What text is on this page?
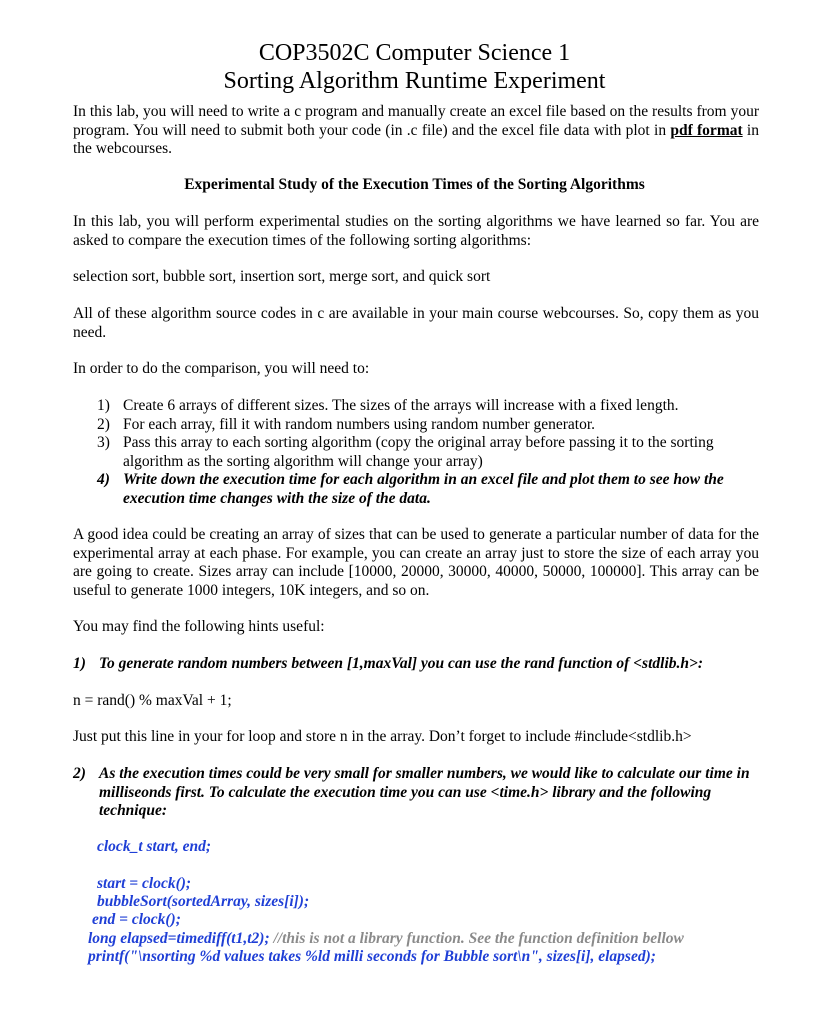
COP3502C Computer Science 1
Sorting Algorithm Runtime Experiment
In this lab, you will need to write a c program and manually create an excel file based on the results from your program. You will need to submit both your code (in .c file) and the excel file data with plot in pdf format in the webcourses.
Experimental Study of the Execution Times of the Sorting Algorithms
In this lab, you will perform experimental studies on the sorting algorithms we have learned so far. You are asked to compare the execution times of the following sorting algorithms:
selection sort, bubble sort, insertion sort, merge sort, and quick sort
All of these algorithm source codes in c are available in your main course webcourses. So, copy them as you need.
In order to do the comparison, you will need to:
1) Create 6 arrays of different sizes. The sizes of the arrays will increase with a fixed length.
2) For each array, fill it with random numbers using random number generator.
3) Pass this array to each sorting algorithm (copy the original array before passing it to the sorting algorithm as the sorting algorithm will change your array)
4) Write down the execution time for each algorithm in an excel file and plot them to see how the execution time changes with the size of the data.
A good idea could be creating an array of sizes that can be used to generate a particular number of data for the experimental array at each phase. For example, you can create an array just to store the size of each array you are going to create. Sizes array can include [10000, 20000, 30000, 40000, 50000, 100000]. This array can be useful to generate 1000 integers, 10K integers, and so on.
You may find the following hints useful:
1) To generate random numbers between [1,maxVal] you can use the rand function of <stdlib.h>:
n = rand() % maxVal + 1;
Just put this line in your for loop and store n in the array. Don’t forget to include #include<stdlib.h>
2) As the execution times could be very small for smaller numbers, we would like to calculate our time in milliseonds first. To calculate the execution time you can use <time.h> library and the following technique:
clock_t start, end;
start = clock();
bubbleSort(sortedArray, sizes[i]);
end = clock();
long elapsed=timediff(t1,t2); //this is not a library function. See the function definition bellow
printf("\nsorting %d values takes %ld milli seconds for Bubble sort\n", sizes[i], elapsed);
